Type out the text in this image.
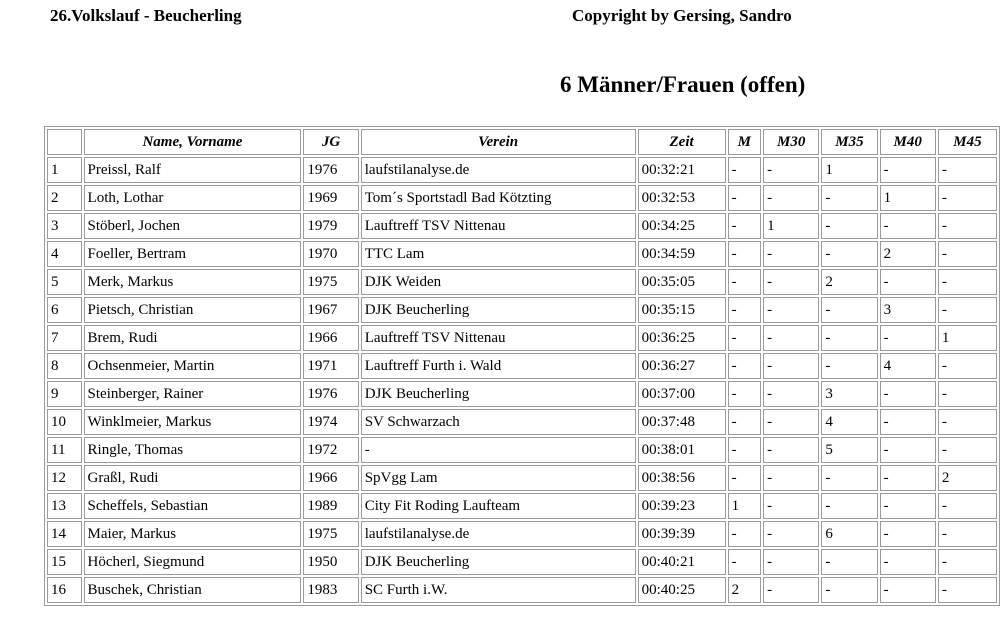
26.Volkslauf - Beucherling	Copyright by Gersing, Sandro
6 Männer/Frauen (offen)
	Name, Vorname	JG	Verein	Zeit	M	M30	M35	M40	M45
1	Preissl, Ralf	1976	laufstilanalyse.de	00:32:21	-	-	1	-	-
2	Loth, Lothar	1969	Tom´s Sportstadl Bad Kötzting	00:32:53	-	-	-	1	-
3	Stöberl, Jochen	1979	Lauftreff TSV Nittenau	00:34:25	-	1	-	-	-
4	Foeller, Bertram	1970	TTC Lam	00:34:59	-	-	-	2	-
5	Merk, Markus	1975	DJK Weiden	00:35:05	-	-	2	-	-
6	Pietsch, Christian	1967	DJK Beucherling	00:35:15	-	-	-	3	-
7	Brem, Rudi	1966	Lauftreff TSV Nittenau	00:36:25	-	-	-	-	1
8	Ochsenmeier, Martin	1971	Lauftreff Furth i. Wald	00:36:27	-	-	-	4	-
9	Steinberger, Rainer	1976	DJK Beucherling	00:37:00	-	-	3	-	-
10	Winklmeier, Markus	1974	SV Schwarzach	00:37:48	-	-	4	-	-
11	Ringle, Thomas	1972	-	00:38:01	-	-	5	-	-
12	Graßl, Rudi	1966	SpVgg Lam	00:38:56	-	-	-	-	2
13	Scheffels, Sebastian	1989	City Fit Roding Laufteam	00:39:23	1	-	-	-	-
14	Maier, Markus	1975	laufstilanalyse.de	00:39:39	-	-	6	-	-
15	Höcherl, Siegmund	1950	DJK Beucherling	00:40:21	-	-	-	-	-
16	Buschek, Christian	1983	SC Furth i.W.	00:40:25	2	-	-	-	-
